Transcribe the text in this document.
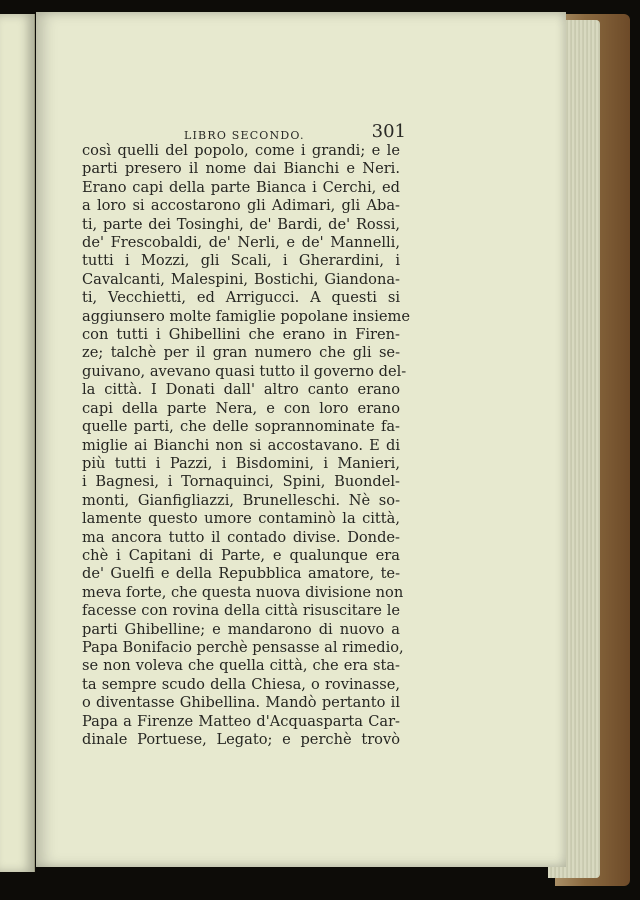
LIBRO SECONDO.	301
così quelli del popolo, come i grandi; e le
parti presero il nome dai Bianchi e Neri.
Erano capi della parte Bianca i Cerchi, ed
a loro si accostarono gli Adimari, gli Aba-
ti, parte dei Tosinghi, de' Bardi, de' Rossi,
de' Frescobaldi, de' Nerli, e de' Mannelli,
tutti i Mozzi, gli Scali, i Gherardini, i
Cavalcanti, Malespini, Bostichi, Giandona-
ti, Vecchietti, ed Arrigucci. A questi si
aggiunsero molte famiglie popolane insieme
con tutti i Ghibellini che erano in Firen-
ze; talchè per il gran numero che gli se-
guivano, avevano quasi tutto il governo del-
la città. I Donati dall' altro canto erano
capi della parte Nera, e con loro erano
quelle parti, che delle soprannominate fa-
miglie ai Bianchi non si accostavano. E di
più tutti i Pazzi, i Bisdomini, i Manieri,
i Bagnesi, i Tornaquinci, Spini, Buondel-
monti, Gianfigliazzi, Brunelleschi. Nè so-
lamente questo umore contaminò la città,
ma ancora tutto il contado divise. Donde-
chè i Capitani di Parte, e qualunque era
de' Guelfi e della Repubblica amatore, te-
meva forte, che questa nuova divisione non
facesse con rovina della città risuscitare le
parti Ghibelline; e mandarono di nuovo a
Papa Bonifacio perchè pensasse al rimedio,
se non voleva che quella città, che era sta-
ta sempre scudo della Chiesa, o rovinasse,
o diventasse Ghibellina. Mandò pertanto il
Papa a Firenze Matteo d'Acquasparta Car-
dinale Portuese, Legato; e perchè trovò
